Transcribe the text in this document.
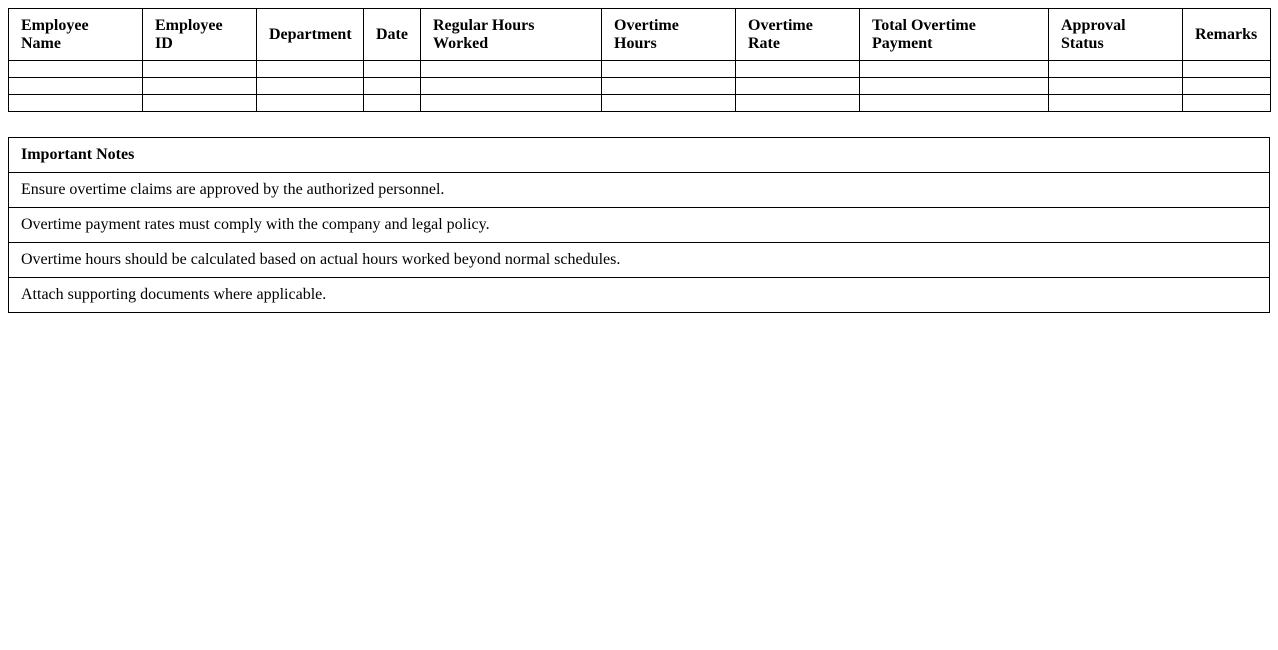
Employee Name	Employee ID	Department	Date	Regular Hours Worked	Overtime Hours	Overtime Rate	Total Overtime Payment	Approval Status	Remarks

Important Notes
Ensure overtime claims are approved by the authorized personnel.
Overtime payment rates must comply with the company and legal policy.
Overtime hours should be calculated based on actual hours worked beyond normal schedules.
Attach supporting documents where applicable.
